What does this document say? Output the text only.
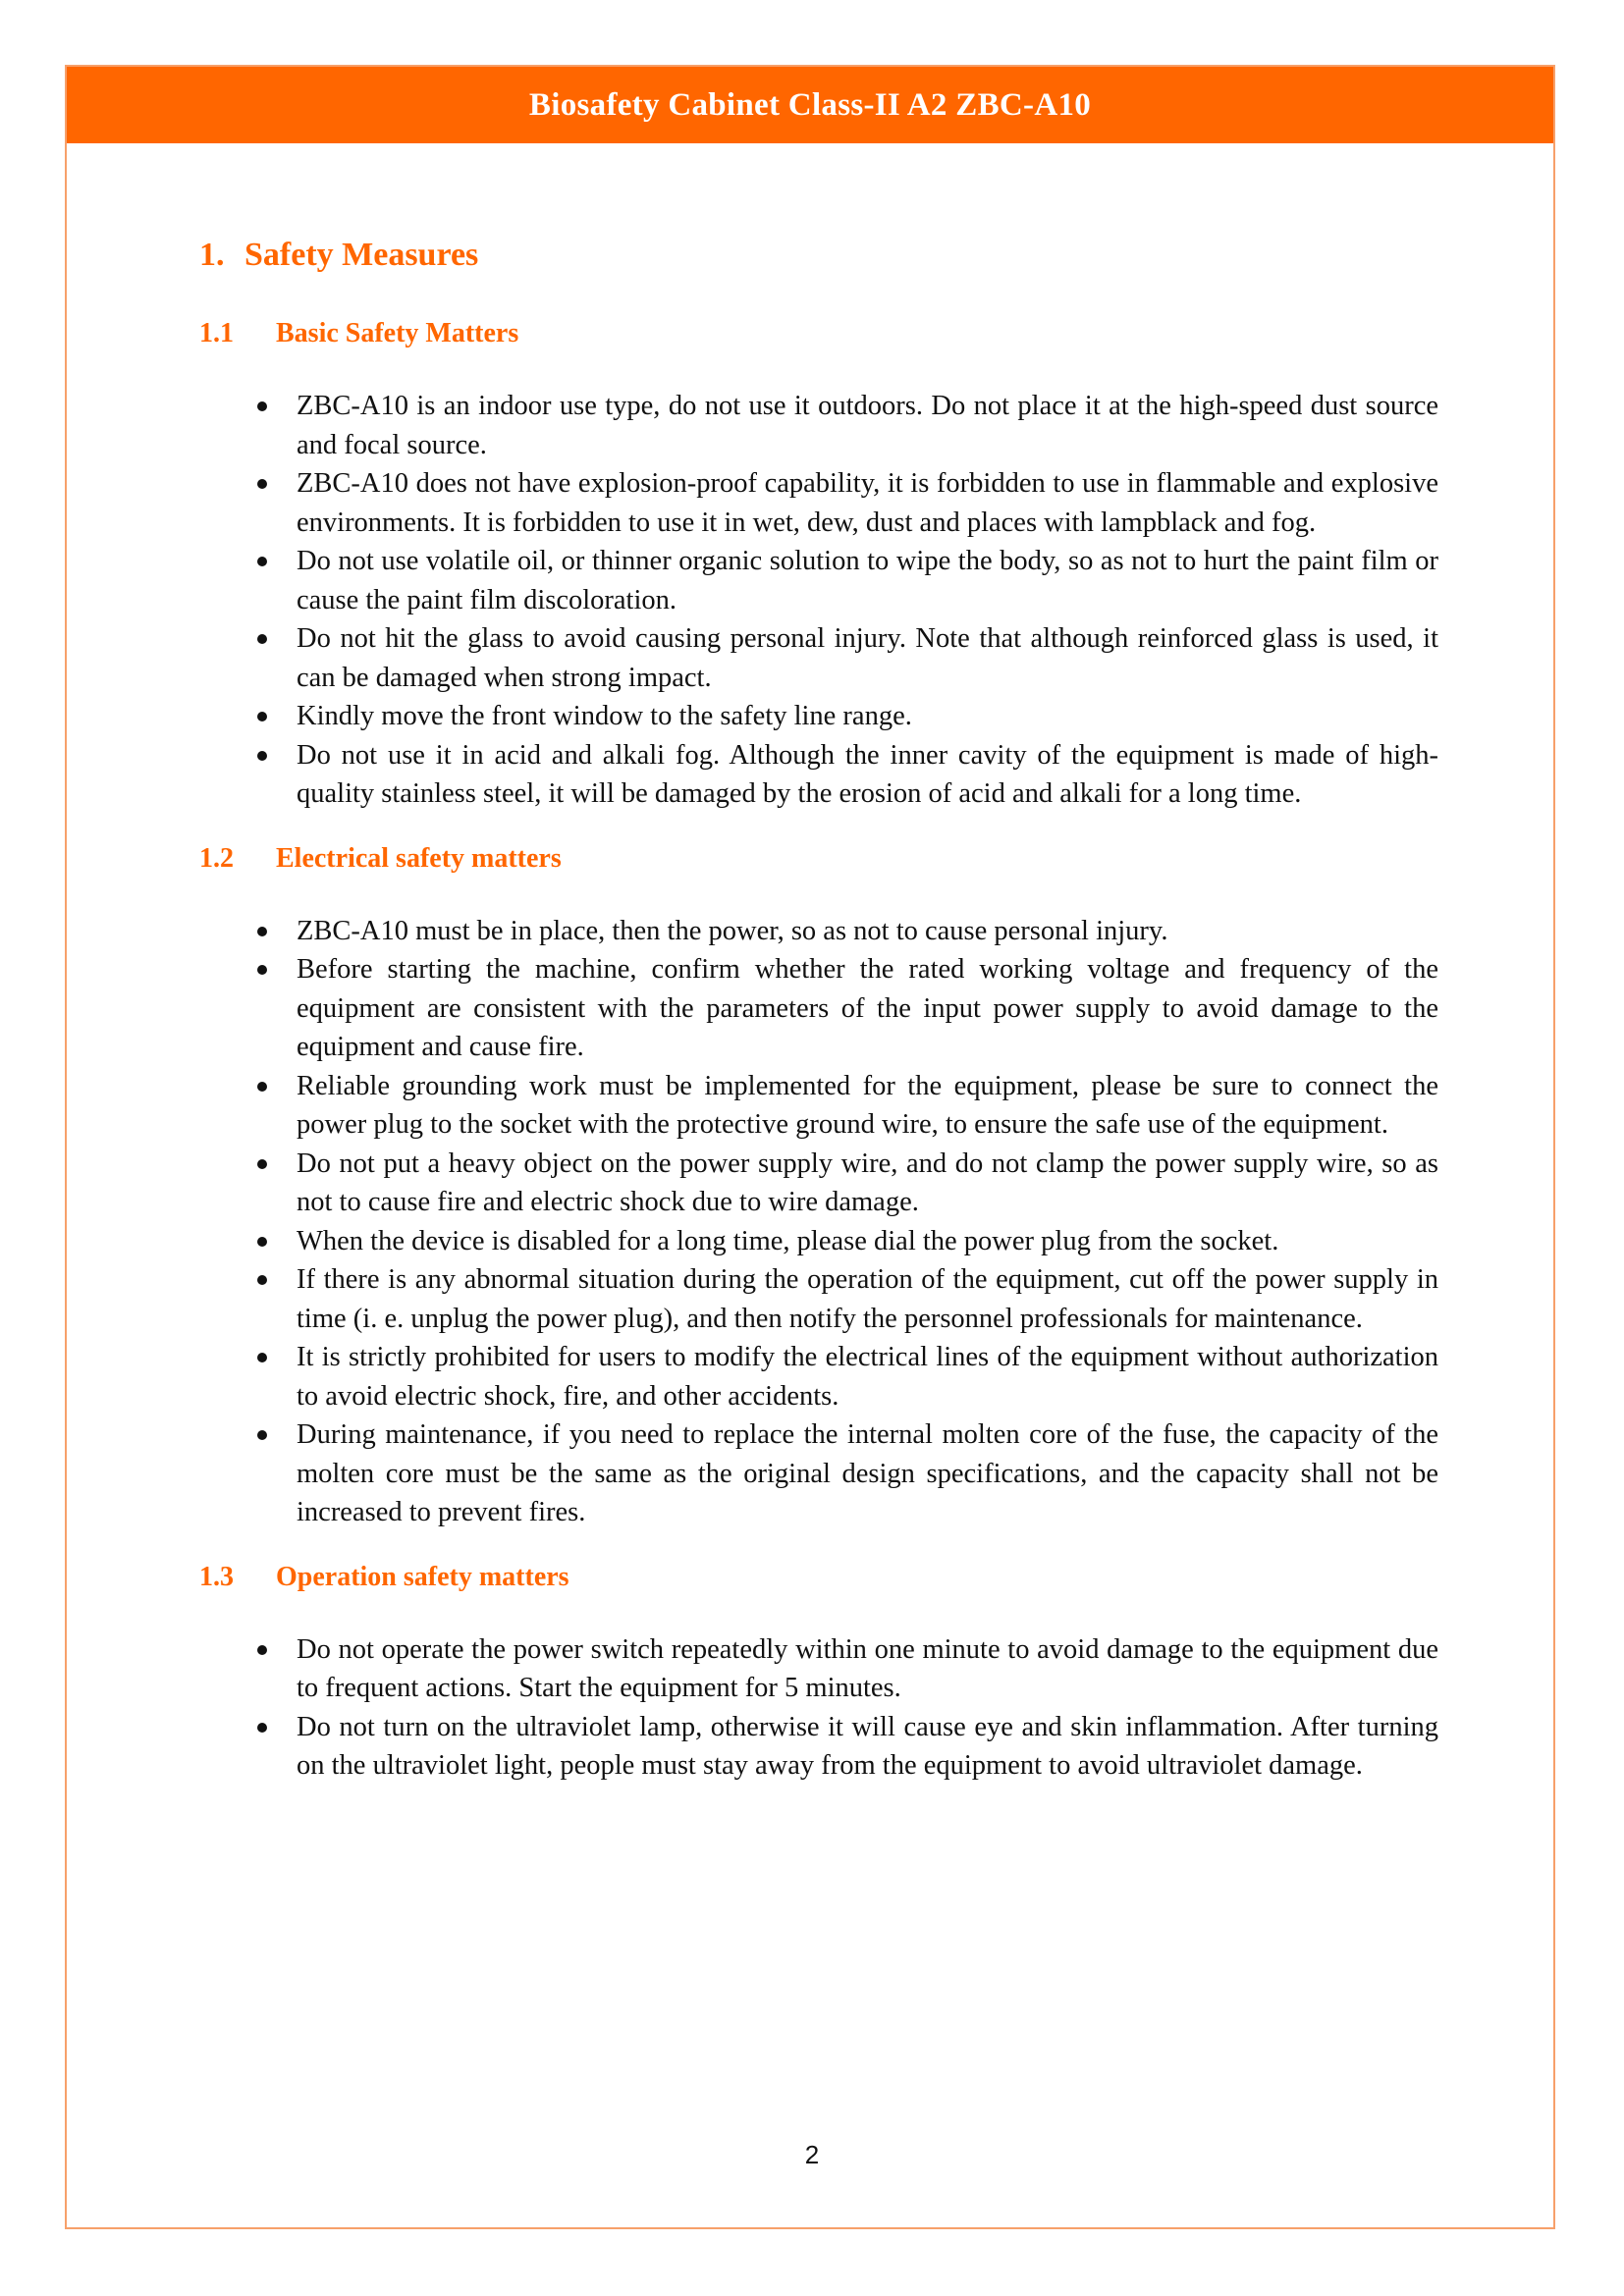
Biosafety Cabinet Class-II A2 ZBC-A10
1. Safety Measures
1.1 Basic Safety Matters
ZBC-A10 is an indoor use type, do not use it outdoors. Do not place it at the high-speed dust source and focal source.
ZBC-A10 does not have explosion-proof capability, it is forbidden to use in flammable and explosive environments. It is forbidden to use it in wet, dew, dust and places with lampblack and fog.
Do not use volatile oil, or thinner organic solution to wipe the body, so as not to hurt the paint film or cause the paint film discoloration.
Do not hit the glass to avoid causing personal injury. Note that although reinforced glass is used, it can be damaged when strong impact.
Kindly move the front window to the safety line range.
Do not use it in acid and alkali fog. Although the inner cavity of the equipment is made of high-quality stainless steel, it will be damaged by the erosion of acid and alkali for a long time.
1.2 Electrical safety matters
ZBC-A10 must be in place, then the power, so as not to cause personal injury.
Before starting the machine, confirm whether the rated working voltage and frequency of the equipment are consistent with the parameters of the input power supply to avoid damage to the equipment and cause fire.
Reliable grounding work must be implemented for the equipment, please be sure to connect the power plug to the socket with the protective ground wire, to ensure the safe use of the equipment.
Do not put a heavy object on the power supply wire, and do not clamp the power supply wire, so as not to cause fire and electric shock due to wire damage.
When the device is disabled for a long time, please dial the power plug from the socket.
If there is any abnormal situation during the operation of the equipment, cut off the power supply in time (i. e. unplug the power plug), and then notify the personnel professionals for maintenance.
It is strictly prohibited for users to modify the electrical lines of the equipment without authorization to avoid electric shock, fire, and other accidents.
During maintenance, if you need to replace the internal molten core of the fuse, the capacity of the molten core must be the same as the original design specifications, and the capacity shall not be increased to prevent fires.
1.3 Operation safety matters
Do not operate the power switch repeatedly within one minute to avoid damage to the equipment due to frequent actions. Start the equipment for 5 minutes.
Do not turn on the ultraviolet lamp, otherwise it will cause eye and skin inflammation. After turning on the ultraviolet light, people must stay away from the equipment to avoid ultraviolet damage.
2
